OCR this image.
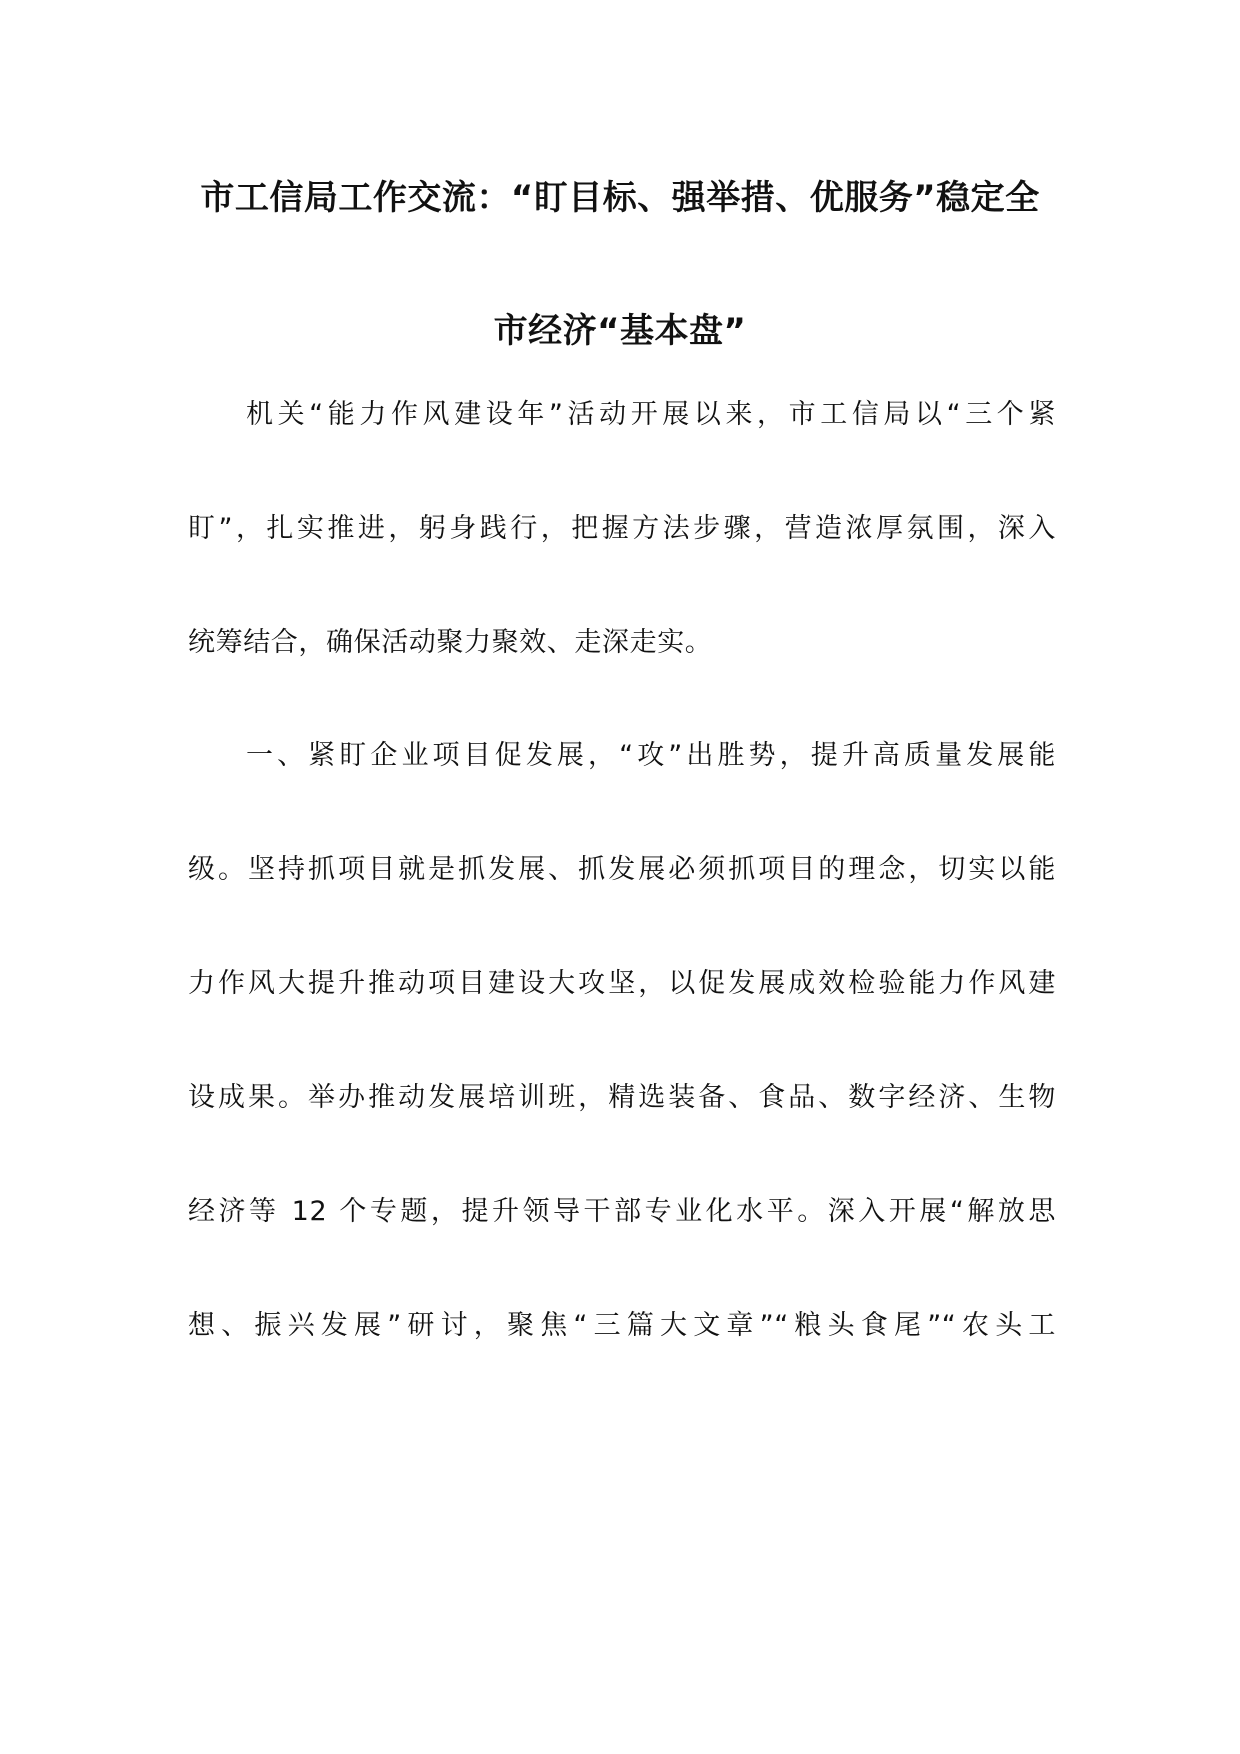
市工信局工作交流：“盯目标、强举措、优服务”稳定全
市经济“基本盘”
机关“能力作风建设年”活动开展以来，市工信局以“三个紧
盯”，扎实推进，躬身践行，把握方法步骤，营造浓厚氛围，深入
统筹结合，确保活动聚力聚效、走深走实。
一、紧盯企业项目促发展，“攻”出胜势，提升高质量发展能
级。坚持抓项目就是抓发展、抓发展必须抓项目的理念，切实以能
力作风大提升推动项目建设大攻坚，以促发展成效检验能力作风建
设成果。举办推动发展培训班，精选装备、食品、数字经济、生物
经济等 12 个专题，提升领导干部专业化水平。深入开展“解放思
想、振兴发展”研讨，聚焦“三篇大文章”“粮头食尾”“农头工
